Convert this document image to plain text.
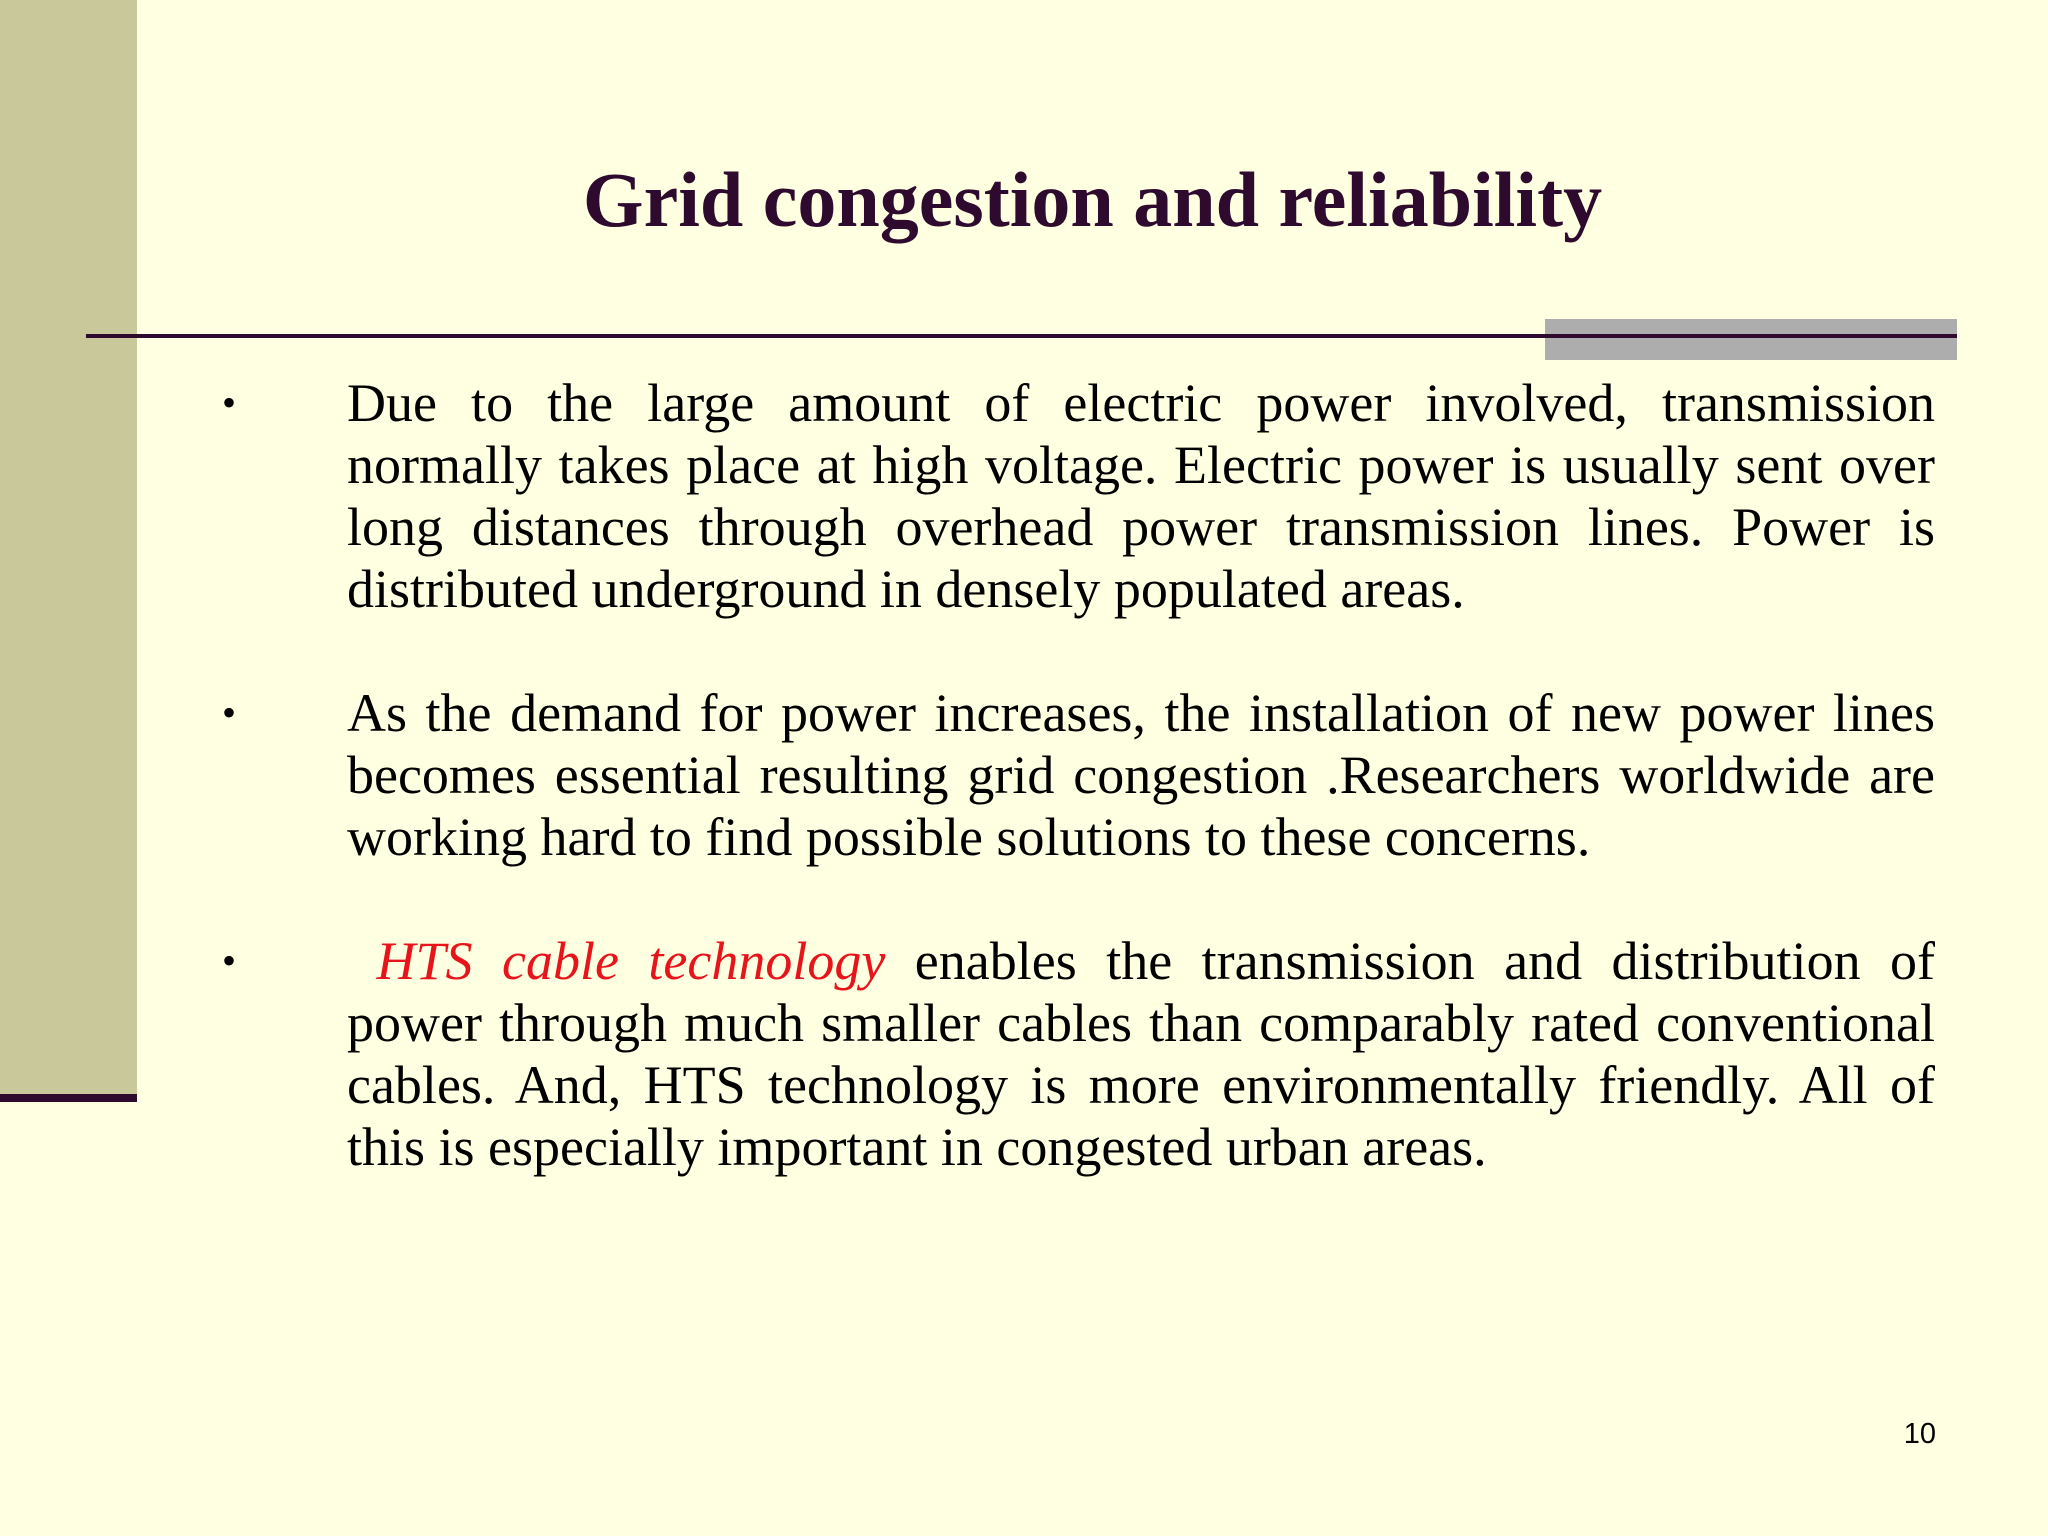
Grid congestion and reliability
• Due to the large amount of electric power involved, transmission normally takes place at high voltage. Electric power is usually sent over long distances through overhead power transmission lines. Power is distributed underground in densely populated areas.
• As the demand for power increases, the installation of new power lines becomes essential resulting grid congestion .Researchers worldwide are working hard to find possible solutions to these concerns.
•	HTS cable technology enables the transmission and distribution of power through much smaller cables than comparably rated conventional cables. And, HTS technology is more environmentally friendly. All of this is especially important in congested urban areas.
10
